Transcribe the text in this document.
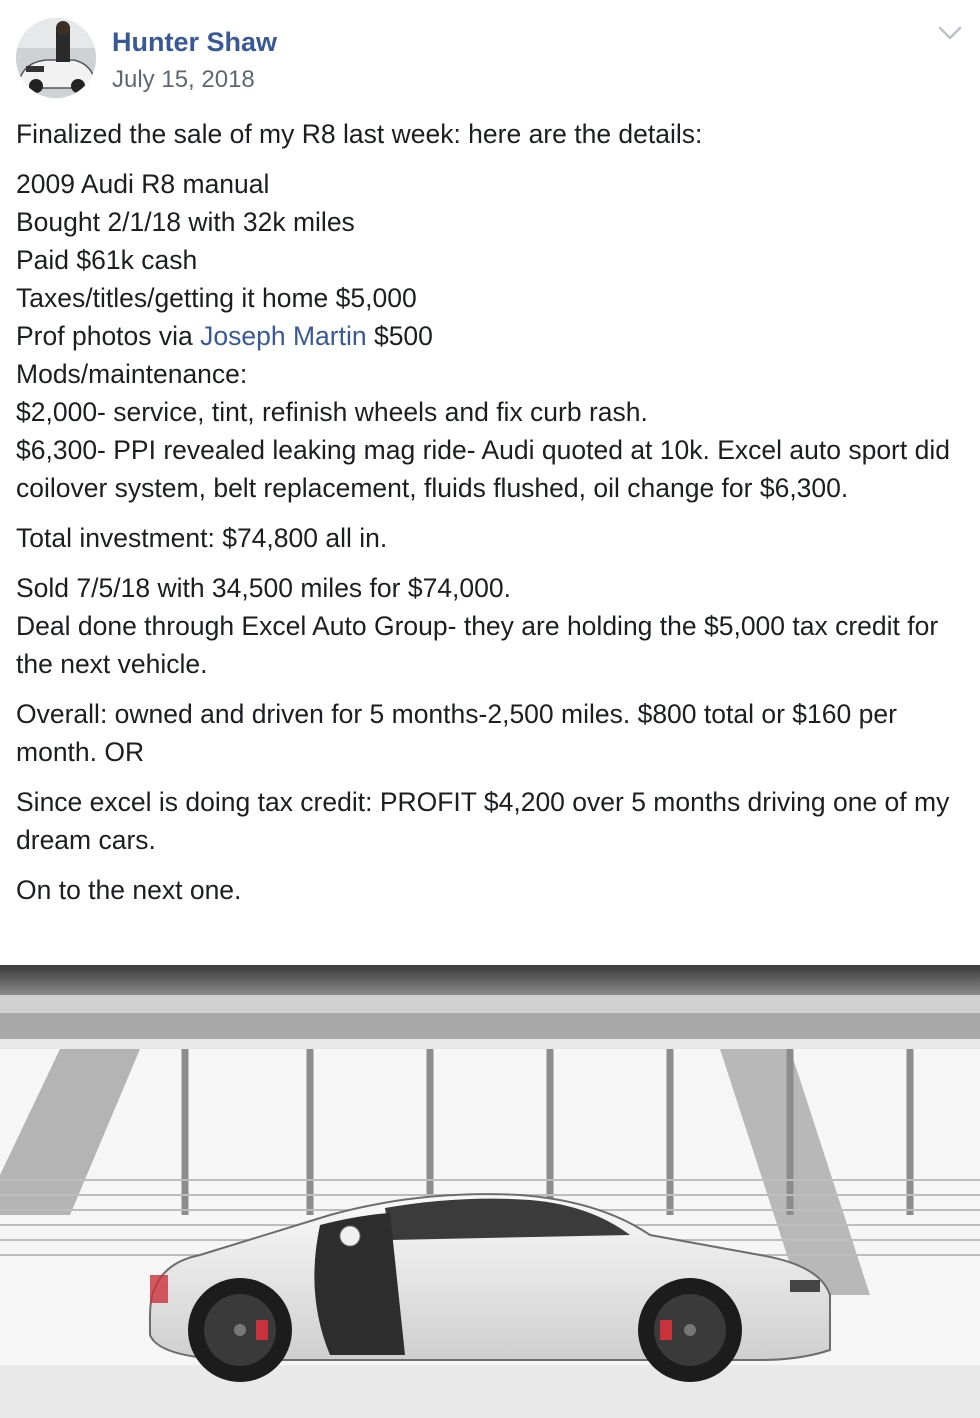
Hunter Shaw
July 15, 2018

Finalized the sale of my R8 last week: here are the details:

2009 Audi R8 manual
Bought 2/1/18 with 32k miles
Paid $61k cash
Taxes/titles/getting it home $5,000
Prof photos via Joseph Martin $500
Mods/maintenance:
$2,000- service, tint, refinish wheels and fix curb rash.
$6,300- PPI revealed leaking mag ride- Audi quoted at 10k. Excel auto sport did coilover system, belt replacement, fluids flushed, oil change for $6,300.

Total investment: $74,800 all in.

Sold 7/5/18 with 34,500 miles for $74,000.
Deal done through Excel Auto Group- they are holding the $5,000 tax credit for the next vehicle.

Overall: owned and driven for 5 months-2,500 miles. $800 total or $160 per month. OR

Since excel is doing tax credit: PROFIT $4,200 over 5 months driving one of my dream cars.

On to the next one.
